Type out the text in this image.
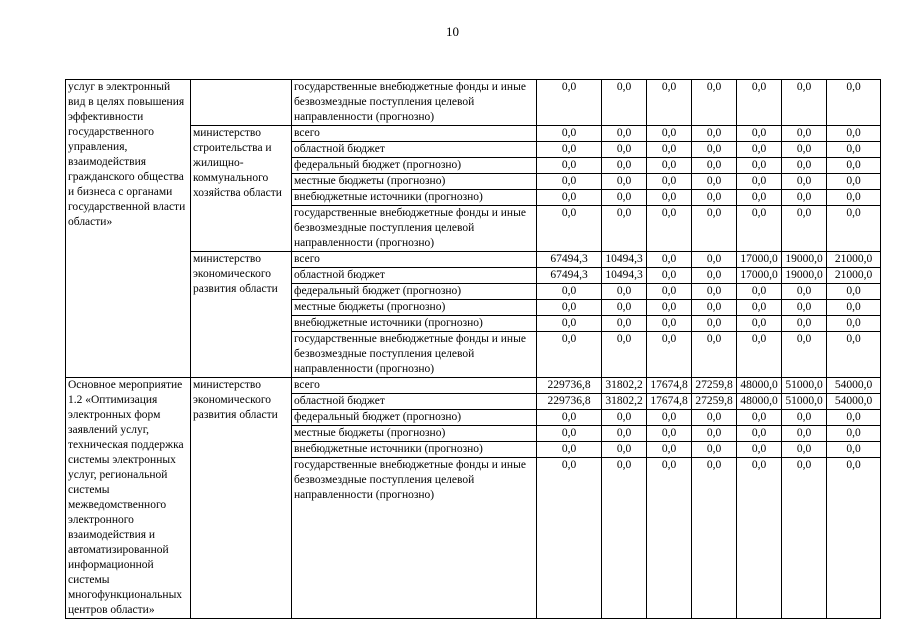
10
услуг в электронный вид в целях повышения эффективности государственного управления, взаимодействия гражданского общества и бизнеса с органами государственной власти области»		государственные внебюджетные фонды и иные безвозмездные поступления целевой направленности (прогнозно)	0,0	0,0	0,0	0,0	0,0	0,0	0,0
	министерство строительства и жилищно-коммунального хозяйства области	всего	0,0	0,0	0,0	0,0	0,0	0,0	0,0
		областной бюджет	0,0	0,0	0,0	0,0	0,0	0,0	0,0
		федеральный бюджет (прогнозно)	0,0	0,0	0,0	0,0	0,0	0,0	0,0
		местные бюджеты (прогнозно)	0,0	0,0	0,0	0,0	0,0	0,0	0,0
		внебюджетные источники (прогнозно)	0,0	0,0	0,0	0,0	0,0	0,0	0,0
		государственные внебюджетные фонды и иные безвозмездные поступления целевой направленности (прогнозно)	0,0	0,0	0,0	0,0	0,0	0,0	0,0
	министерство экономического развития области	всего	67494,3	10494,3	0,0	0,0	17000,0	19000,0	21000,0
		областной бюджет	67494,3	10494,3	0,0	0,0	17000,0	19000,0	21000,0
		федеральный бюджет (прогнозно)	0,0	0,0	0,0	0,0	0,0	0,0	0,0
		местные бюджеты (прогнозно)	0,0	0,0	0,0	0,0	0,0	0,0	0,0
		внебюджетные источники (прогнозно)	0,0	0,0	0,0	0,0	0,0	0,0	0,0
		государственные внебюджетные фонды и иные безвозмездные поступления целевой направленности (прогнозно)	0,0	0,0	0,0	0,0	0,0	0,0	0,0
Основное мероприятие 1.2 «Оптимизация электронных форм заявлений услуг, техническая поддержка системы электронных услуг, региональной системы межведомственного электронного взаимодействия и автоматизированной информационной системы многофункциональных центров области»	министерство экономического развития области	всего	229736,8	31802,2	17674,8	27259,8	48000,0	51000,0	54000,0
		областной бюджет	229736,8	31802,2	17674,8	27259,8	48000,0	51000,0	54000,0
		федеральный бюджет (прогнозно)	0,0	0,0	0,0	0,0	0,0	0,0	0,0
		местные бюджеты (прогнозно)	0,0	0,0	0,0	0,0	0,0	0,0	0,0
		внебюджетные источники (прогнозно)	0,0	0,0	0,0	0,0	0,0	0,0	0,0
		государственные внебюджетные фонды и иные безвозмездные поступления целевой направленности (прогнозно)	0,0	0,0	0,0	0,0	0,0	0,0	0,0
